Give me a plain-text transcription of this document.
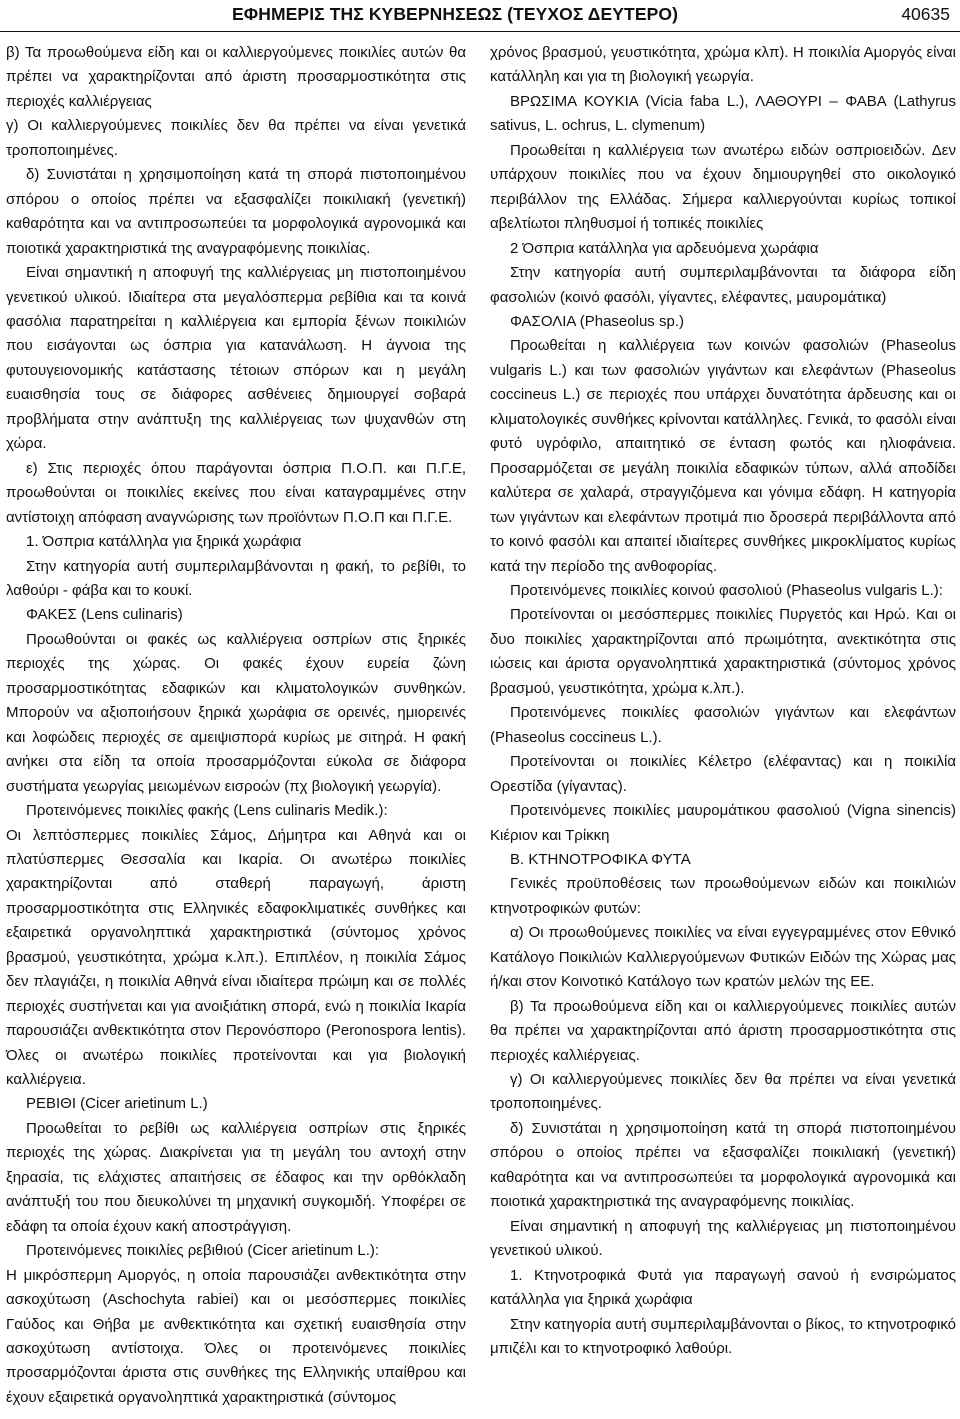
ΕΦΗΜΕΡΙΣ ΤΗΣ ΚΥΒΕΡΝΗΣΕΩΣ (ΤΕΥΧΟΣ ΔΕΥΤΕΡΟ)	40635

β) Τα προωθούμενα είδη και οι καλλιεργούμενες ποικιλίες αυτών θα πρέπει να χαρακτηρίζονται από άριστη προσαρμοστικότητα στις περιοχές καλλιέργειας

γ) Οι καλλιεργούμενες ποικιλίες δεν θα πρέπει να είναι γενετικά τροποποιημένες.

δ) Συνιστάται η χρησιμοποίηση κατά τη σπορά πιστοποιημένου σπόρου ο οποίος πρέπει να εξασφαλίζει ποικιλιακή (γενετική) καθαρότητα και να αντιπροσωπεύει τα μορφολογικά αγρονομικά και ποιοτικά χαρακτηριστικά της αναγραφόμενης ποικιλίας.

Είναι σημαντική η αποφυγή της καλλιέργειας μη πιστοποιημένου γενετικού υλικού. Ιδιαίτερα στα μεγαλόσπερμα ρεβίθια και τα κοινά φασόλια παρατηρείται η καλλιέργεια και εμπορία ξένων ποικιλιών που εισάγονται ως όσπρια για κατανάλωση. Η άγνοια της φυτουγειονομικής κατάστασης τέτοιων σπόρων και η μεγάλη ευαισθησία τους σε διάφορες ασθένειες δημιουργεί σοβαρά προβλήματα στην ανάπτυξη της καλλιέργειας των ψυχανθών στη χώρα.

ε) Στις περιοχές όπου παράγονται όσπρια Π.Ο.Π. και Π.Γ.Ε, προωθούνται οι ποικιλίες εκείνες που είναι καταγραμμένες στην αντίστοιχη απόφαση αναγνώρισης των προϊόντων Π.Ο.Π και Π.Γ.Ε.

1. Όσπρια κατάλληλα για ξηρικά χωράφια

Στην κατηγορία αυτή συμπεριλαμβάνονται η φακή, το ρεβίθι, το λαθούρι - φάβα και το κουκί.

ΦΑΚΕΣ (Lens culinaris)

Προωθούνται οι φακές ως καλλιέργεια οσπρίων στις ξηρικές περιοχές της χώρας. Οι φακές έχουν ευρεία ζώνη προσαρμοστικότητας εδαφικών και κλιματολογικών συνθηκών. Μπορούν να αξιοποιήσουν ξηρικά χωράφια σε ορεινές, ημιορεινές και λοφώδεις περιοχές σε αμειψισπορά κυρίως με σιτηρά. Η φακή ανήκει στα είδη τα οποία προσαρμόζονται εύκολα σε διάφορα συστήματα γεωργίας μειωμένων εισροών (πχ βιολογική γεωργία).

Προτεινόμενες ποικιλίες φακής (Lens culinaris Medik.):

Οι λεπτόσπερμες ποικιλίες Σάμος, Δήμητρα και Αθηνά και οι πλατύσπερμες Θεσσαλία και Ικαρία. Οι ανωτέρω ποικιλίες χαρακτηρίζονται από σταθερή παραγωγή, άριστη προσαρμοστικότητα στις Ελληνικές εδαφοκλιματικές συνθήκες και εξαιρετικά οργανοληπτικά χαρακτηριστικά (σύντομος χρόνος βρασμού, γευστικότητα, χρώμα κ.λπ.). Επιπλέον, η ποικιλία Σάμος δεν πλαγιάζει, η ποικιλία Αθηνά είναι ιδιαίτερα πρώιμη και σε πολλές περιοχές συστήνεται και για ανοιξιάτικη σπορά, ενώ η ποικιλία Ικαρία παρουσιάζει ανθεκτικότητα στον Περονόσπορο (Peronospora lentis). Όλες οι ανωτέρω ποικιλίες προτείνονται και για βιολογική καλλιέργεια.

ΡΕΒΙΘΙ (Cicer arietinum L.)

Προωθείται το ρεβίθι ως καλλιέργεια οσπρίων στις ξηρικές περιοχές της χώρας. Διακρίνεται για τη μεγάλη του αντοχή στην ξηρασία, τις ελάχιστες απαιτήσεις σε έδαφος και την ορθόκλαδη ανάπτυξή του που διευκολύνει τη μηχανική συγκομιδή. Υποφέρει σε εδάφη τα οποία έχουν κακή αποστράγγιση.

Προτεινόμενες ποικιλίες ρεβιθιού (Cicer arietinum L.):

Η μικρόσπερμη Αμοργός, η οποία παρουσιάζει ανθεκτικότητα στην ασκοχύτωση (Aschochyta rabiei) και οι μεσόσπερμες ποικιλίες Γαύδος και Θήβα με ανθεκτικότητα και σχετική ευαισθησία στην ασκοχύτωση αντίστοιχα. Όλες οι προτεινόμενες ποικιλίες προσαρμόζονται άριστα στις συνθήκες της Ελληνικής υπαίθρου και έχουν εξαιρετικά οργανοληπτικά χαρακτηριστικά (σύντομος

χρόνος βρασμού, γευστικότητα, χρώμα κλπ). Η ποικιλία Αμοργός είναι κατάλληλη και για τη βιολογική γεωργία.

ΒΡΩΣΙΜΑ ΚΟΥΚΙΑ (Vicia faba L.), ΛΑΘΟΥΡΙ – ΦΑΒΑ (Lathyrus sativus, L. ochrus, L. clymenum)

Προωθείται η καλλιέργεια των ανωτέρω ειδών οσπριοειδών. Δεν υπάρχουν ποικιλίες που να έχουν δημιουργηθεί στο οικολογικό περιβάλλον της Ελλάδας. Σήμερα καλλιεργούνται κυρίως τοπικοί αβελτίωτοι πληθυσμοί ή τοπικές ποικιλίες

2 Όσπρια κατάλληλα για αρδευόμενα χωράφια

Στην κατηγορία αυτή συμπεριλαμβάνονται τα διάφορα είδη φασολιών (κοινό φασόλι, γίγαντες, ελέφαντες, μαυρομάτικα)

ΦΑΣΟΛΙΑ (Phaseolus sp.)

Προωθείται η καλλιέργεια των κοινών φασολιών (Phaseolus vulgaris L.) και των φασολιών γιγάντων και ελεφάντων (Phaseolus coccineus L.) σε περιοχές που υπάρχει δυνατότητα άρδευσης και οι κλιματολογικές συνθήκες κρίνονται κατάλληλες. Γενικά, το φασόλι είναι φυτό υγρόφιλο, απαιτητικό σε ένταση φωτός και ηλιοφάνεια. Προσαρμόζεται σε μεγάλη ποικιλία εδαφικών τύπων, αλλά αποδίδει καλύτερα σε χαλαρά, στραγγιζόμενα και γόνιμα εδάφη. Η κατηγορία των γιγάντων και ελεφάντων προτιμά πιο δροσερά περιβάλλοντα από το κοινό φασόλι και απαιτεί ιδιαίτερες συνθήκες μικροκλίματος κυρίως κατά την περίοδο της ανθοφορίας.

Προτεινόμενες ποικιλίες κοινού φασολιού (Phaseolus vulgaris L.):

Προτείνονται οι μεσόσπερμες ποικιλίες Πυργετός και Ηρώ. Και οι δυο ποικιλίες χαρακτηρίζονται από πρωιμότητα, ανεκτικότητα στις ιώσεις και άριστα οργανοληπτικά χαρακτηριστικά (σύντομος χρόνος βρασμού, γευστικότητα, χρώμα κ.λπ.).

Προτεινόμενες ποικιλίες φασολιών γιγάντων και ελεφάντων (Phaseolus coccineus L.).

Προτείνονται οι ποικιλίες Κέλετρο (ελέφαντας) και η ποικιλία Ορεστίδα (γίγαντας).

Προτεινόμενες ποικιλίες μαυρομάτικου φασολιού (Vigna sinencis) Κιέριον και Τρίκκη

Β. ΚΤΗΝΟΤΡΟΦΙΚΑ ΦΥΤΑ

Γενικές προϋποθέσεις των προωθούμενων ειδών και ποικιλιών κτηνοτροφικών φυτών:

α) Οι προωθούμενες ποικιλίες να είναι εγγεγραμμένες στον Εθνικό Κατάλογο Ποικιλιών Καλλιεργούμενων Φυτικών Ειδών της Χώρας μας ή/και στον Κοινοτικό Κατάλογο των κρατών μελών της ΕΕ.

β) Τα προωθούμενα είδη και οι καλλιεργούμενες ποικιλίες αυτών θα πρέπει να χαρακτηρίζονται από άριστη προσαρμοστικότητα στις περιοχές καλλιέργειας.

γ) Οι καλλιεργούμενες ποικιλίες δεν θα πρέπει να είναι γενετικά τροποποιημένες.

δ) Συνιστάται η χρησιμοποίηση κατά τη σπορά πιστοποιημένου σπόρου ο οποίος πρέπει να εξασφαλίζει ποικιλιακή (γενετική) καθαρότητα και να αντιπροσωπεύει τα μορφολογικά αγρονομικά και ποιοτικά χαρακτηριστικά της αναγραφόμενης ποικιλίας.

Είναι σημαντική η αποφυγή της καλλιέργειας μη πιστοποιημένου γενετικού υλικού.

1. Κτηνοτροφικά Φυτά για παραγωγή σανού ή ενσιρώματος κατάλληλα για ξηρικά χωράφια

Στην κατηγορία αυτή συμπεριλαμβάνονται ο βίκος, το κτηνοτροφικό μπιζέλι και το κτηνοτροφικό λαθούρι.
